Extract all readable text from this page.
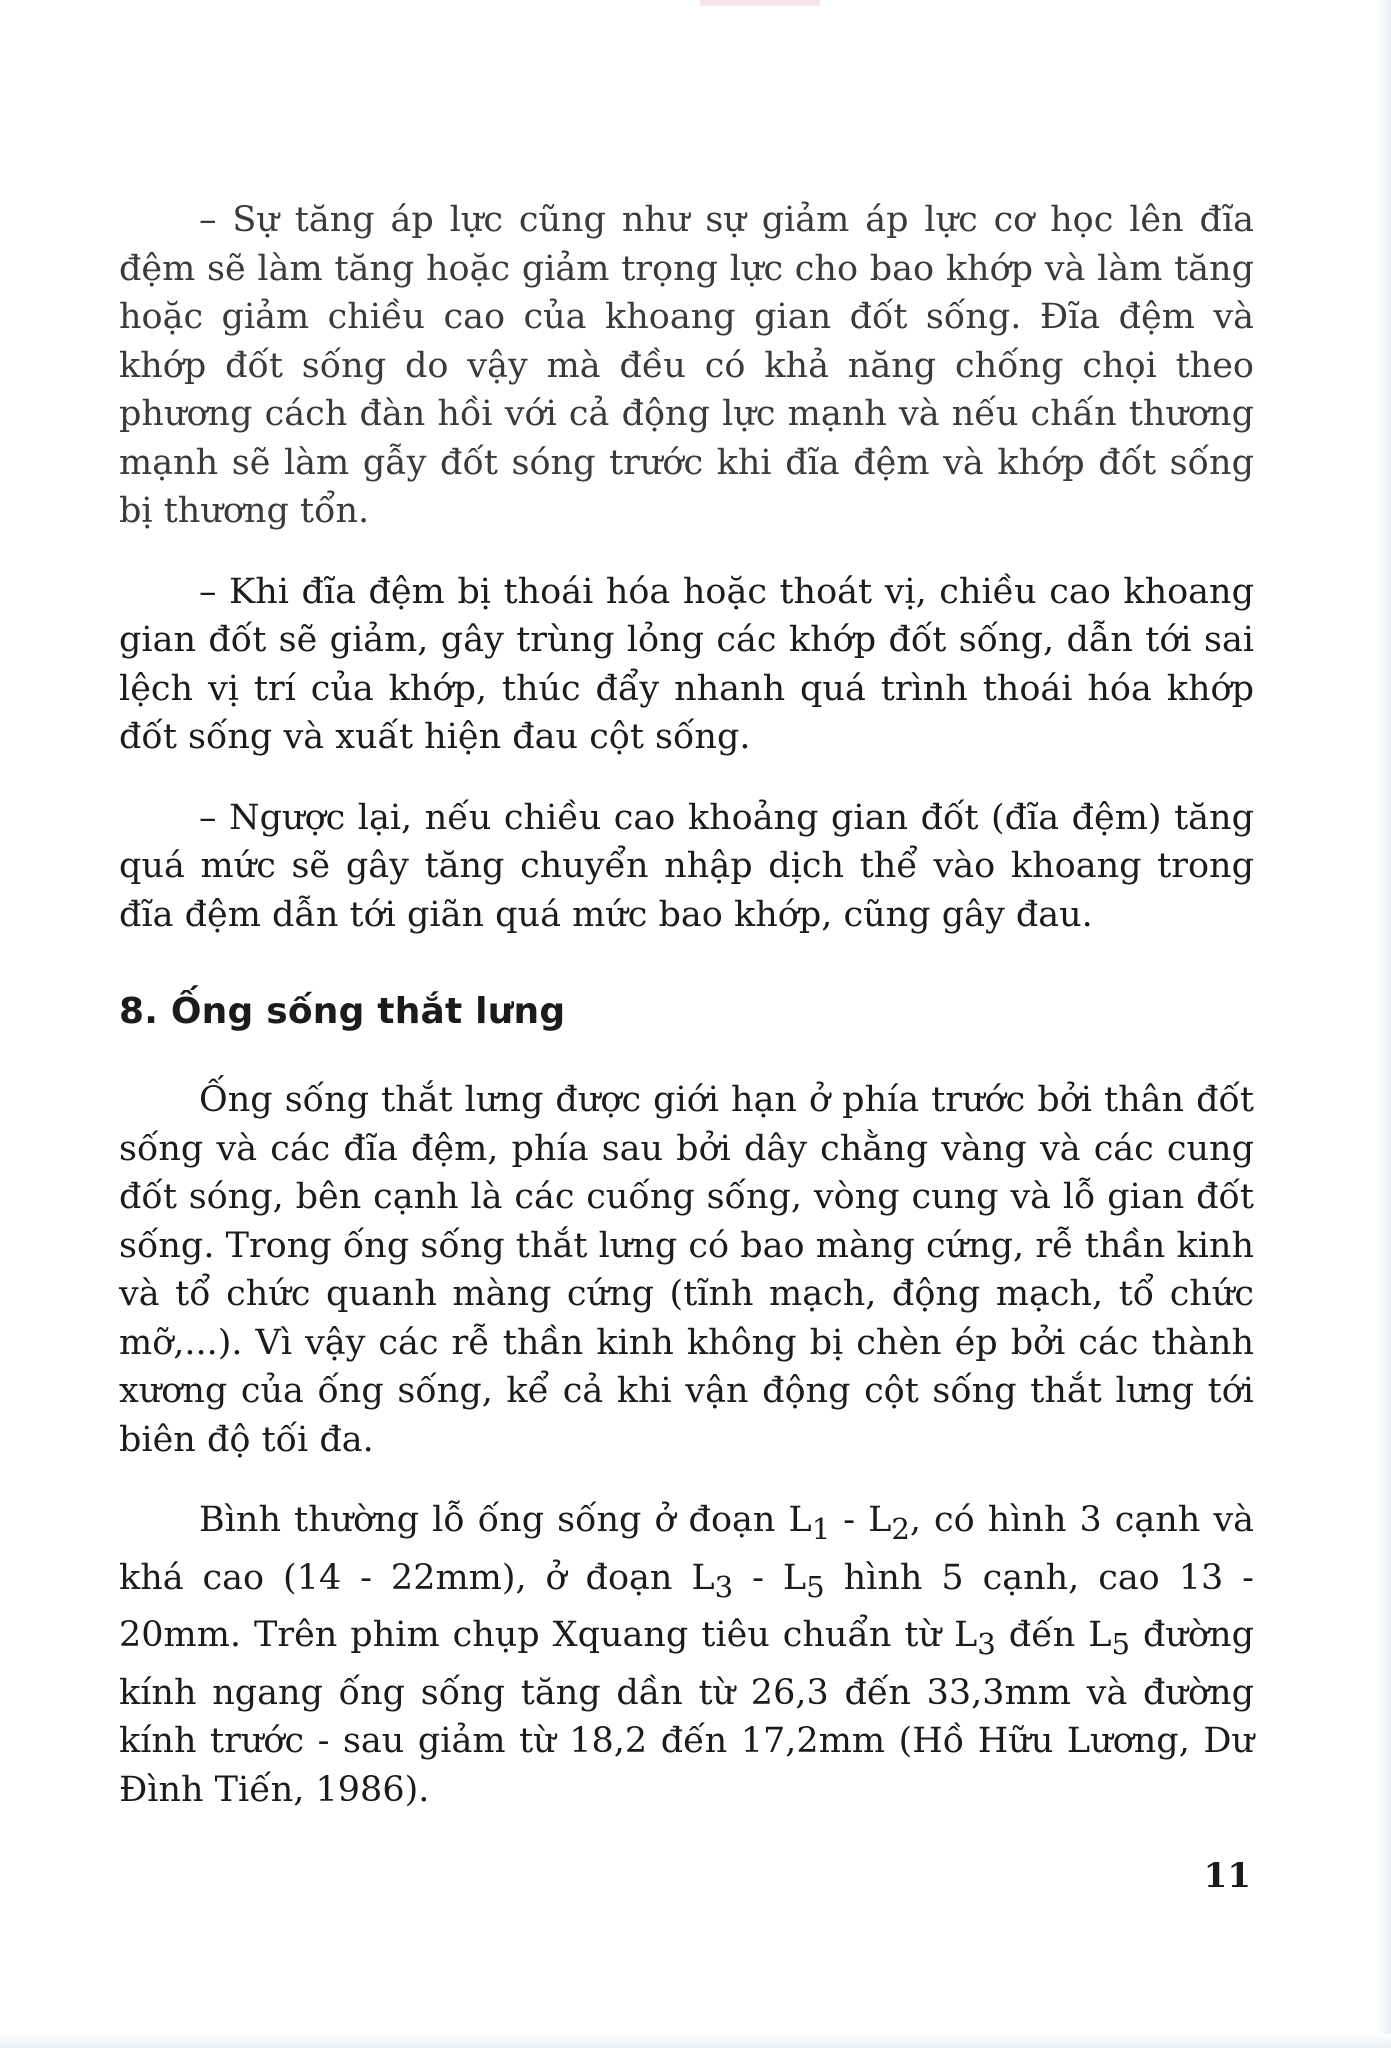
– Sự tăng áp lực cũng như sự giảm áp lực cơ học lên đĩa đệm sẽ làm tăng hoặc giảm trọng lực cho bao khớp và làm tăng hoặc giảm chiều cao của khoang gian đốt sống. Đĩa đệm và khớp đốt sống do vậy mà đều có khả năng chống chọi theo phương cách đàn hồi với cả động lực mạnh và nếu chấn thương mạnh sẽ làm gẫy đốt sóng trước khi đĩa đệm và khớp đốt sống bị thương tổn.

– Khi đĩa đệm bị thoái hóa hoặc thoát vị, chiều cao khoang gian đốt sẽ giảm, gây trùng lỏng các khớp đốt sống, dẫn tới sai lệch vị trí của khớp, thúc đẩy nhanh quá trình thoái hóa khớp đốt sống và xuất hiện đau cột sống.

– Ngược lại, nếu chiều cao khoảng gian đốt (đĩa đệm) tăng quá mức sẽ gây tăng chuyển nhập dịch thể vào khoang trong đĩa đệm dẫn tới giãn quá mức bao khớp, cũng gây đau.

8. Ống sống thắt lưng

Ống sống thắt lưng được giới hạn ở phía trước bởi thân đốt sống và các đĩa đệm, phía sau bởi dây chằng vàng và các cung đốt sóng, bên cạnh là các cuống sống, vòng cung và lỗ gian đốt sống. Trong ống sống thắt lưng có bao màng cứng, rễ thần kinh và tổ chức quanh màng cứng (tĩnh mạch, động mạch, tổ chức mỡ,...). Vì vậy các rễ thần kinh không bị chèn ép bởi các thành xương của ống sống, kể cả khi vận động cột sống thắt lưng tới biên độ tối đa.

Bình thường lỗ ống sống ở đoạn $L_1 - L_2$, có hình 3 cạnh và khá cao (14 - 22mm), ở đoạn $L_3 - L_5$ hình 5 cạnh, cao 13 - 20mm. Trên phim chụp Xquang tiêu chuẩn từ $L_3$ đến $L_5$ đường kính ngang ống sống tăng dần từ 26,3 đến 33,3mm và đường kính trước - sau giảm từ 18,2 đến 17,2mm (Hồ Hữu Lương, Dư Đình Tiến, 1986).

11
